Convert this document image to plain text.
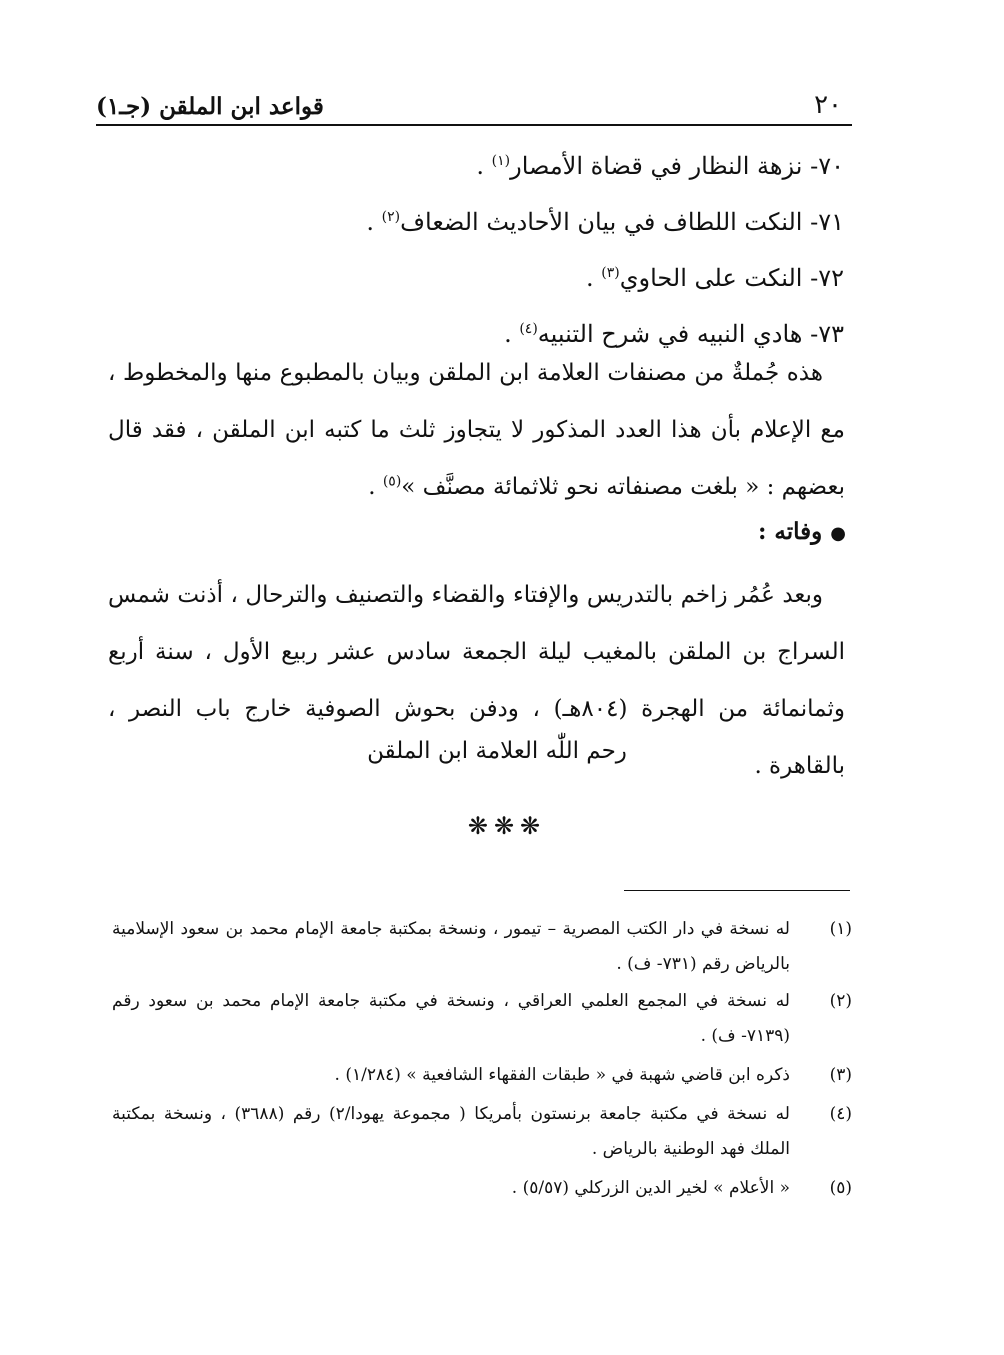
٢٠
قواعد ابن الملقن (جـ١)
٧٠- نزهة النظار في قضاة الأمصار$^{(١)}$ .
٧١- النكت اللطاف في بيان الأحاديث الضعاف$^{(٢)}$ .
٧٢- النكت على الحاوي$^{(٣)}$ .
٧٣- هادي النبيه في شرح التنبيه$^{(٤)}$ .
هذه جُملةٌ من مصنفات العلامة ابن الملقن وبيان بالمطبوع منها والمخطوط ، مع الإعلام بأن هذا العدد المذكور لا يتجاوز ثلث ما كتبه ابن الملقن ، فقد قال بعضهم : « بلغت مصنفاته نحو ثلاثمائة مصنَّف »$^{(٥)}$ .
●وفاته :
وبعد عُمُر زاخم بالتدريس والإفتاء والقضاء والتصنيف والترحال ، أذنت شمس السراج بن الملقن بالمغيب ليلة الجمعة سادس عشر ربيع الأول ، سنة أربع وثمانمائة من الهجرة (٨٠٤هـ) ، ودفن بحوش الصوفية خارج باب النصر ، بالقاهرة .
رحم اللّٰه العلامة ابن الملقن
❋❋❋
(١)
له نسخة في دار الكتب المصرية – تيمور ، ونسخة بمكتبة جامعة الإمام محمد بن سعود الإسلامية بالرياض رقم (٧٣١- ف) .
(٢)
له نسخة في المجمع العلمي العراقي ، ونسخة في مكتبة جامعة الإمام محمد بن سعود رقم (٧١٣٩- ف) .
(٣)
ذكره ابن قاضي شهبة في « طبقات الفقهاء الشافعية » (١/٢٨٤) .
(٤)
له نسخة في مكتبة جامعة برنستون بأمريكا ( مجموعة يهودا/٢) رقم (٣٦٨٨) ، ونسخة بمكتبة الملك فهد الوطنية بالرياض .
(٥)
« الأعلام » لخير الدين الزركلي (٥/٥٧) .
